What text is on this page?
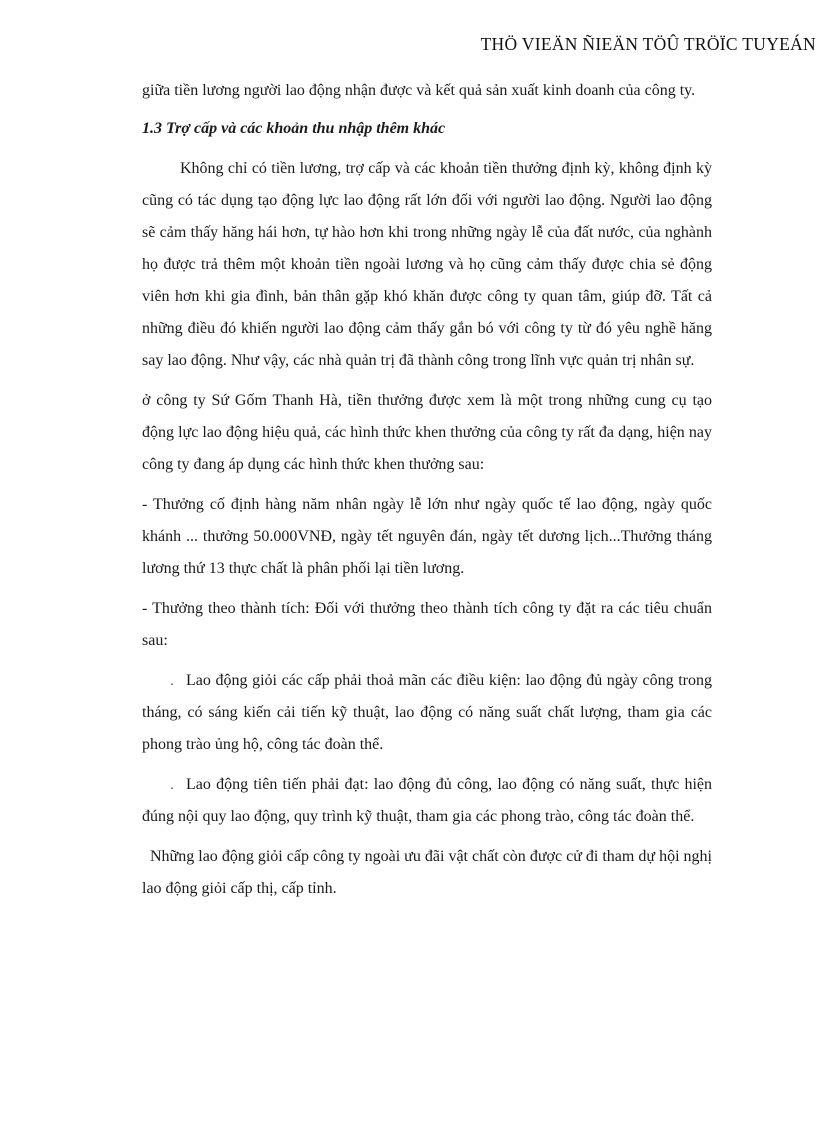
THÖ VIEÄN ÑIEÄN TÖÛ TRÖÏC TUYEÁN

giữa tiền lương người lao động nhận được và kết quả sản xuất kinh doanh của công ty.

1.3 Trợ cấp và các khoản thu nhập thêm khác

Không chỉ có tiền lương, trợ cấp và các khoản tiền thưởng định kỳ, không định kỳ cũng có tác dụng tạo động lực lao động rất lớn đối với người lao động. Người lao động sẽ cảm thấy hăng hái hơn, tự hào hơn khi trong những ngày lễ của đất nước, của nghành họ được trả thêm một khoản tiền ngoài lương và họ cũng cảm thấy được chia sẻ động viên hơn khi gia đình, bản thân gặp khó khăn được công ty quan tâm, giúp đỡ. Tất cả những điều đó khiến người lao động cảm thấy gắn bó với công ty từ đó yêu nghề hăng say lao động. Như vậy, các nhà quản trị đã thành công trong lĩnh vực quản trị nhân sự.

ở công ty Sứ Gốm Thanh Hà, tiền thưởng được xem là một trong những cung cụ tạo động lực lao động hiệu quả, các hình thức khen thưởng của công ty rất đa dạng, hiện nay công ty đang áp dụng các hình thức khen thưởng sau:

- Thưởng cố định hàng năm nhân ngày lễ lớn như ngày quốc tế lao động, ngày quốc khánh ... thưởng 50.000VNĐ, ngày tết nguyên đán, ngày tết dương lịch...Thưởng tháng lương thứ 13 thực chất là phân phối lại tiền lương.

- Thưởng theo thành tích: Đối với thưởng theo thành tích công ty đặt ra các tiêu chuẩn sau:

․ Lao động giỏi các cấp phải thoả mãn các điều kiện: lao động đủ ngày công trong tháng, có sáng kiến cải tiến kỹ thuật, lao động có năng suất chất lượng, tham gia các phong trào ủng hộ, công tác đoàn thể.
․ Lao động tiên tiến phải đạt: lao động đủ công, lao động có năng suất, thực hiện đúng nội quy lao động, quy trình kỹ thuật, tham gia các phong trào, công tác đoàn thể.

Những lao động giỏi cấp công ty ngoài ưu đãi vật chất còn được cử đi tham dự hội nghị lao động giỏi cấp thị, cấp tỉnh.
